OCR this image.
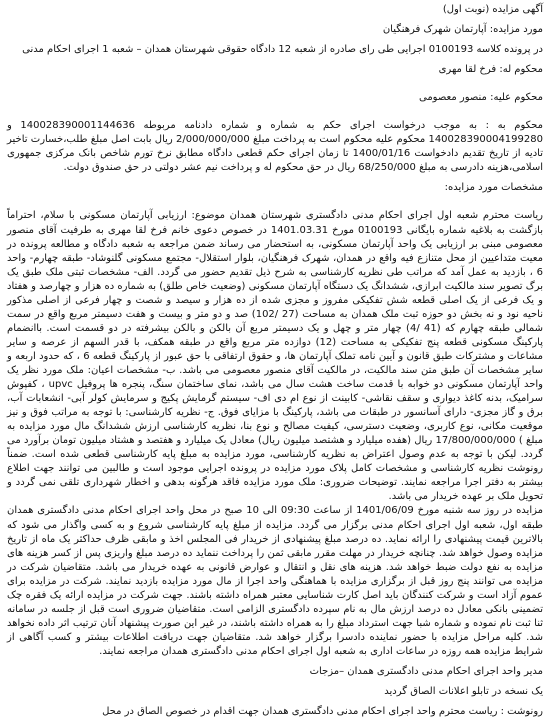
آگهی مزایده (نوبت اول)

مورد مزایده: آپارتمان شهرک فرهنگیان

در پرونده کلاسه 0100193 اجرایی طی رای صادره از شعبه 12 دادگاه حقوقی شهرستان همدان – شعبه 1 اجرای احکام مدنی

محکوم له: فرخ لقا مهری

محکوم علیه: منصور معصومی

محکوم به : به موجب درخواست اجرای حکم به شماره و شماره دادنامه مربوطه 140028390001144636 و 140028390004199280 محکوم علیه محکوم است به پرداخت مبلغ 2/000/000/000 ریال بابت اصل مبلغ طلب،خسارت تاخیر تادیه از تاریخ تقدیم دادخواست 1400/01/16 تا زمان اجرای حکم قطعی دادگاه مطابق نرخ تورم شاخص بانک مرکزی جمهوری اسلامی،هزینه دادرسی به مبلغ 68/250/000 ریال در حق محکوم له و پرداخت نیم عشر دولتی در حق صندوق دولت.

مشخصات مورد مزایده:

ریاست محترم شعبه اول اجرای احکام مدنی دادگستری شهرستان همدان موضوع: ارزیابی آپارتمان مسکونی با سلام، احتراماً بازگشت به بلاغیه شماره بایگانی 0100193 مورخ 1401.03.31 در خصوص دعوی خانم فرخ لقا مهری به طرفیت آقای منصور معصومی مبنی بر ارزیابی یک واحد آپارتمان مسکونی، به استحضار می رساند ضمن مراجعه به شعبه دادگاه و مطالعه پرونده در معیت متداعیین از محل متنازع فیه واقع در همدان، شهرک فرهنگیان، بلوار استقلال- مجتمع مسکونی گلنوشاد- طبقه چهارم- واحد 6 ، بازدید به عمل آمد که مراتب طی نظریه کارشناسی به شرح ذیل تقدیم حضور می گردد. الف- مشخصات ثبتی ملک طبق یک برگ تصویر سند مالکیت ابرازی، ششدانگ یک دستگاه آپارتمان مسکونی (وضعیت خاص طلق) به شماره ده هزار و چهارصد و هفتاد و یک فرعی از یک اصلی قطعه شش تفکیکی مفروز و مجزی شده از ده هزار و سیصد و شصت و چهار فرعی از اصلی مذکور ناحیه نود و نه بخش دو حوزه ثبت ملک همدان به مساحت (27 /102) صد و دو متر و بیست و هفت دسیمتر مربع واقع در سمت شمالی طبقه چهارم که (41 /4) چهار متر و چهل و یک دسیمتر مربع آن بالکن و بالکن بیشرفته در دو قسمت است. باانضمام پارکینگ مسکونی قطعه پنج تفکیکی به مساحت (12) دوازده متر مربع واقع در طبقه همکف، با قدر السهم از عرصه و سایر مشاعات و مشترکات طبق قانون و آیین نامه تملک آپارتمان ها، و حقوق ارتفاقی با حق عبور از پارکینگ قطعه 6 ، که حدود اربعه و سایر مشخصات آن طبق متن سند مالکیت، در مالکیت آقای منصور معصومی می باشد. ب- مشخصات اعیان: ملک مورد نظر یک واحد آپارتمان مسکونی دو خوابه با قدمت ساخت هشت سال می باشد، نمای ساختمان سنگ، پنجره ها پروفیل upvc ، کفپوش سرامیک، بدنه کاغذ دیواری و سقف نقاشی- کابینت از نوع ام دی اف- سیستم گرمایش پکیج و سرمایش کولر آبی- انشعابات آب، برق و گاز مجزی- دارای آسانسور در طبقات می باشد، پارکینگ با مزایای فوق. ج- نظریه کارشناسی: با توجه به مراتب فوق و نیز موقعیت مکانی، نوع کاربری، وضعیت دسترسی، کیفیت مصالح و نوع بنا، نظریه کارشناسی ارزش ششدانگ مال مورد مزایده به مبلغ ) 17/800/000/000 ریال (هفده میلیارد و هشتصد میلیون ریال) معادل یک میلیارد و هفتصد و هشتاد میلیون تومان برآورد می گردد. لیکن با توجه به عدم وصول اعتراض به نظریه کارشناسی، مورد مزایده به مبلغ پایه کارشناسی قطعی شده است. ضمناً رونوشت نظریه کارشناسی و مشخصات کامل پلاک مورد مزایده در پرونده اجرایی موجود است و طالبین می توانند جهت اطلاع بیشتر به دفتر اجرا مراجعه نمایند. توضیحات ضروری: ملک مورد مزایده فاقد هرگونه بدهی و اخطار شهرداری تلقی نمی گردد و تحویل ملک بر عهده خریدار می باشد.

مزایده در روز سه شنبه مورخ 1401/06/09 از ساعت 09:30 الی 10 صبح در محل واحد اجرای احکام مدنی دادگستری همدان طبقه اول، شعبه اول اجرای احکام مدنی برگزار می گردد. مزایده از مبلغ پایه کارشناسی شروع و به کسی واگذار می شود که بالاترین قیمت پیشنهادی را ارائه نماید. ده درصد مبلغ پیشنهادی از خریدار فی المجلس اخذ و مابقی ظرف حداکثر یک ماه از تاریخ مزایده وصول خواهد شد. چنانچه خریدار در مهلت مقرر مابقی ثمن را پرداخت ننماید ده درصد مبلغ واریزی پس از کسر هزینه های مزایده به نفع دولت ضبط خواهد شد. هزینه های نقل و انتقال و عوارض قانونی به عهده خریدار می باشد. متقاضیان شرکت در مزایده می توانند پنج روز قبل از برگزاری مزایده با هماهنگی واحد اجرا از مال مورد مزایده بازدید نمایند. شرکت در مزایده برای عموم آزاد است و شرکت کنندگان باید اصل کارت شناسایی معتبر همراه داشته باشند. جهت شرکت در مزایده ارائه یک فقره چک تضمینی بانکی معادل ده درصد ارزش مال به نام سپرده دادگستری الزامی است. متقاضیان ضروری است قبل از جلسه در سامانه ثنا ثبت نام نموده و شماره شبا جهت استرداد مبلغ را به همراه داشته باشند، در غیر این صورت پیشنهاد آنان ترتیب اثر داده نخواهد شد. کلیه مراحل مزایده با حضور نماینده دادسرا برگزار خواهد شد. متقاضیان جهت دریافت اطلاعات بیشتر و کسب آگاهی از شرایط مزایده همه روزه در ساعات اداری به شعبه اول اجرای احکام مدنی دادگستری همدان مراجعه نمایند.

مدیر واحد اجرای احکام مدنی دادگستری همدان –مزجات

یک نسخه در تابلو اعلانات الصاق گردید

رونوشت : ریاست محترم واحد اجرای احکام مدنی دادگستری همدان جهت اقدام در خصوص الصاق در محل
